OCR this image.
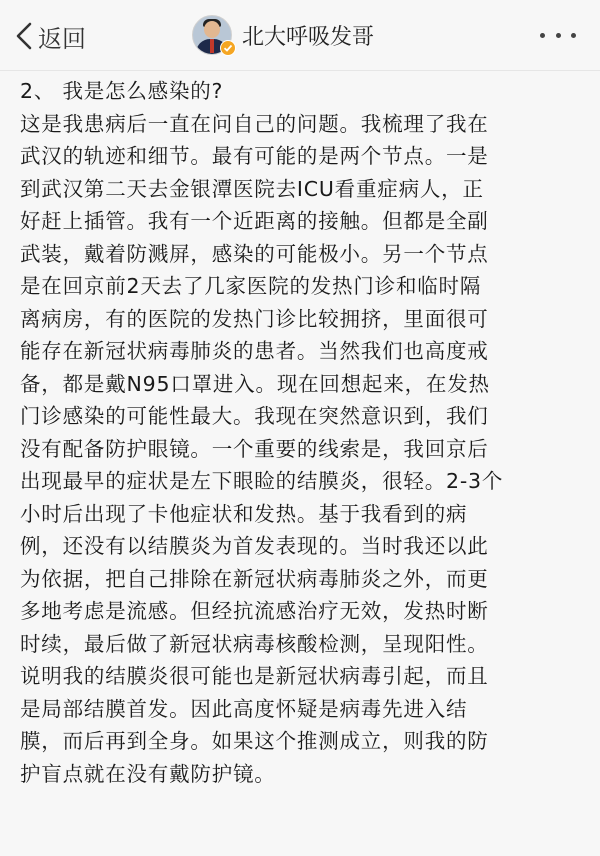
返回	北大呼吸发哥
2、 我是怎么感染的?
这是我患病后一直在问自己的问题。我梳理了我在
武汉的轨迹和细节。最有可能的是两个节点。一是
到武汉第二天去金银潭医院去ICU看重症病人，正
好赶上插管。我有一个近距离的接触。但都是全副
武装，戴着防溅屏，感染的可能极小。另一个节点
是在回京前2天去了几家医院的发热门诊和临时隔
离病房，有的医院的发热门诊比较拥挤，里面很可
能存在新冠状病毒肺炎的患者。当然我们也高度戒
备，都是戴N95口罩进入。现在回想起来，在发热
门诊感染的可能性最大。我现在突然意识到，我们
没有配备防护眼镜。一个重要的线索是，我回京后
出现最早的症状是左下眼睑的结膜炎，很轻。2-3个
小时后出现了卡他症状和发热。基于我看到的病
例，还没有以结膜炎为首发表现的。当时我还以此
为依据，把自己排除在新冠状病毒肺炎之外，而更
多地考虑是流感。但经抗流感治疗无效，发热时断
时续，最后做了新冠状病毒核酸检测，呈现阳性。
说明我的结膜炎很可能也是新冠状病毒引起，而且
是局部结膜首发。因此高度怀疑是病毒先进入结
膜，而后再到全身。如果这个推测成立，则我的防
护盲点就在没有戴防护镜。
